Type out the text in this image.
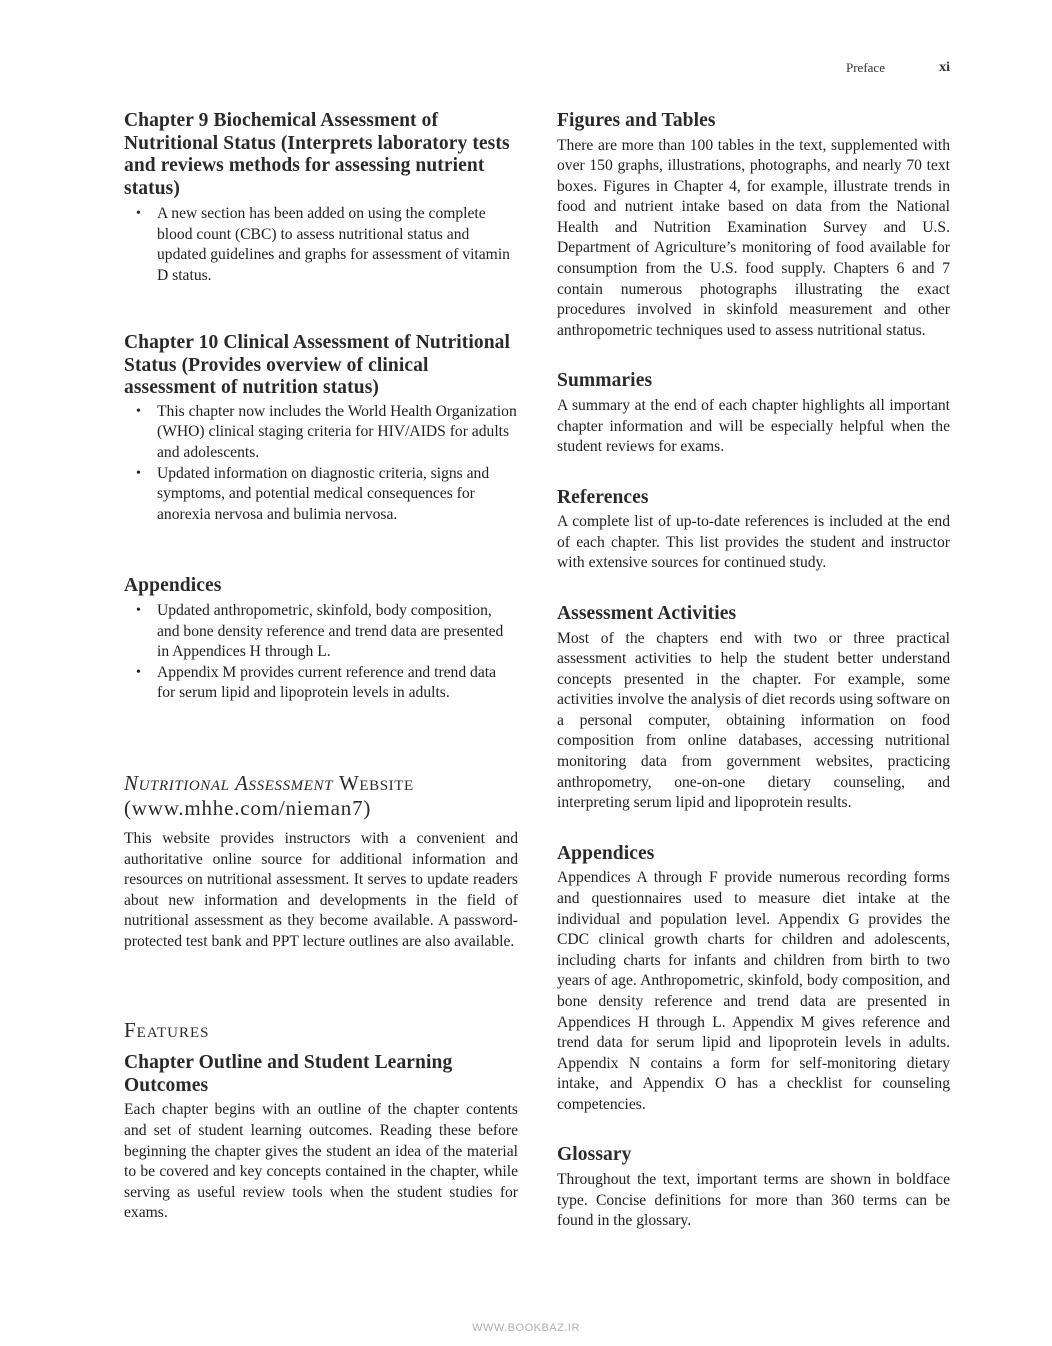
Preface	xi
Chapter 9 Biochemical Assessment of Nutritional Status (Interprets laboratory tests and reviews methods for assessing nutrient status)
• A new section has been added on using the complete blood count (CBC) to assess nutritional status and updated guidelines and graphs for assessment of vitamin D status.
Chapter 10 Clinical Assessment of Nutritional Status (Provides overview of clinical assessment of nutrition status)
• This chapter now includes the World Health Organization (WHO) clinical staging criteria for HIV/AIDS for adults and adolescents.
• Updated information on diagnostic criteria, signs and symptoms, and potential medical consequences for anorexia nervosa and bulimia nervosa.
Appendices
• Updated anthropometric, skinfold, body composition, and bone density reference and trend data are presented in Appendices H through L.
• Appendix M provides current reference and trend data for serum lipid and lipoprotein levels in adults.
Nutritional Assessment Website
(www.mhhe.com/nieman7)

This website provides instructors with a convenient and authoritative online source for additional information and resources on nutritional assessment. It serves to update readers about new information and developments in the field of nutritional assessment as they become available. A password-protected test bank and PPT lecture outlines are also available.

Features
Chapter Outline and Student Learning Outcomes

Each chapter begins with an outline of the chapter contents and set of student learning outcomes. Reading these before beginning the chapter gives the student an idea of the material to be covered and key concepts contained in the chapter, while serving as useful review tools when the student studies for exams.

Figures and Tables

There are more than 100 tables in the text, supplemented with over 150 graphs, illustrations, photographs, and nearly 70 text boxes. Figures in Chapter 4, for example, illustrate trends in food and nutrient intake based on data from the National Health and Nutrition Examination Survey and U.S. Department of Agriculture’s monitoring of food available for consumption from the U.S. food supply. Chapters 6 and 7 contain numerous photographs illustrating the exact procedures involved in skinfold measurement and other anthropometric techniques used to assess nutritional status.

Summaries

A summary at the end of each chapter highlights all important chapter information and will be especially helpful when the student reviews for exams.

References

A complete list of up-to-date references is included at the end of each chapter. This list provides the student and instructor with extensive sources for continued study.

Assessment Activities

Most of the chapters end with two or three practical assessment activities to help the student better understand concepts presented in the chapter. For example, some activities involve the analysis of diet records using software on a personal computer, obtaining information on food composition from online databases, accessing nutritional monitoring data from government websites, practicing anthropometry, one-on-one dietary counseling, and interpreting serum lipid and lipoprotein results.

Appendices

Appendices A through F provide numerous recording forms and questionnaires used to measure diet intake at the individual and population level. Appendix G provides the CDC clinical growth charts for children and adolescents, including charts for infants and children from birth to two years of age. Anthropometric, skinfold, body composition, and bone density reference and trend data are presented in Appendices H through L. Appendix M gives reference and trend data for serum lipid and lipoprotein levels in adults. Appendix N contains a form for self-monitoring dietary intake, and Appendix O has a checklist for counseling competencies.

Glossary

Throughout the text, important terms are shown in boldface type. Concise definitions for more than 360 terms can be found in the glossary.

WWW.BOOKBAZ.IR
